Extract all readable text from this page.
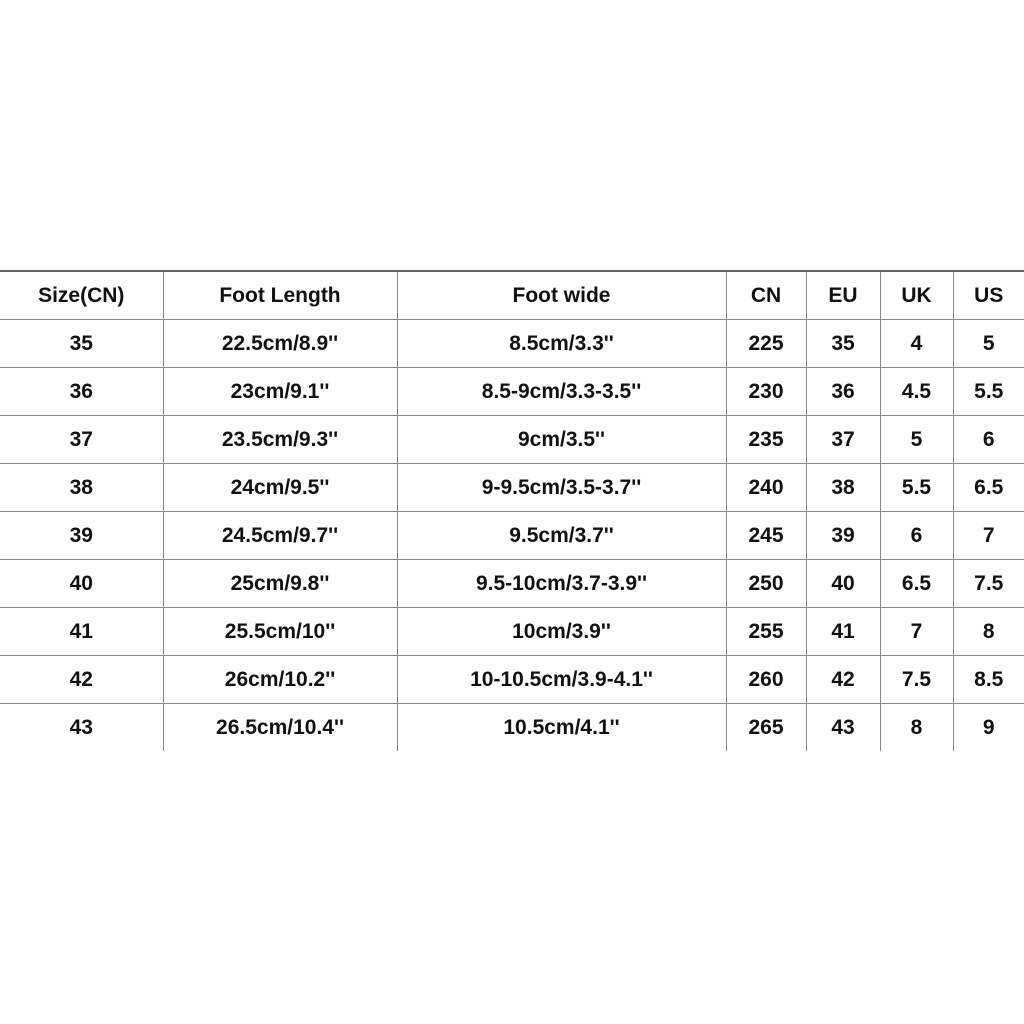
Size(CN)	Foot Length	Foot wide	CN	EU	UK	US
35	22.5cm/8.9''	8.5cm/3.3''	225	35	4	5
36	23cm/9.1''	8.5-9cm/3.3-3.5''	230	36	4.5	5.5
37	23.5cm/9.3''	9cm/3.5''	235	37	5	6
38	24cm/9.5''	9-9.5cm/3.5-3.7''	240	38	5.5	6.5
39	24.5cm/9.7''	9.5cm/3.7''	245	39	6	7
40	25cm/9.8''	9.5-10cm/3.7-3.9''	250	40	6.5	7.5
41	25.5cm/10''	10cm/3.9''	255	41	7	8
42	26cm/10.2''	10-10.5cm/3.9-4.1''	260	42	7.5	8.5
43	26.5cm/10.4''	10.5cm/4.1''	265	43	8	9
